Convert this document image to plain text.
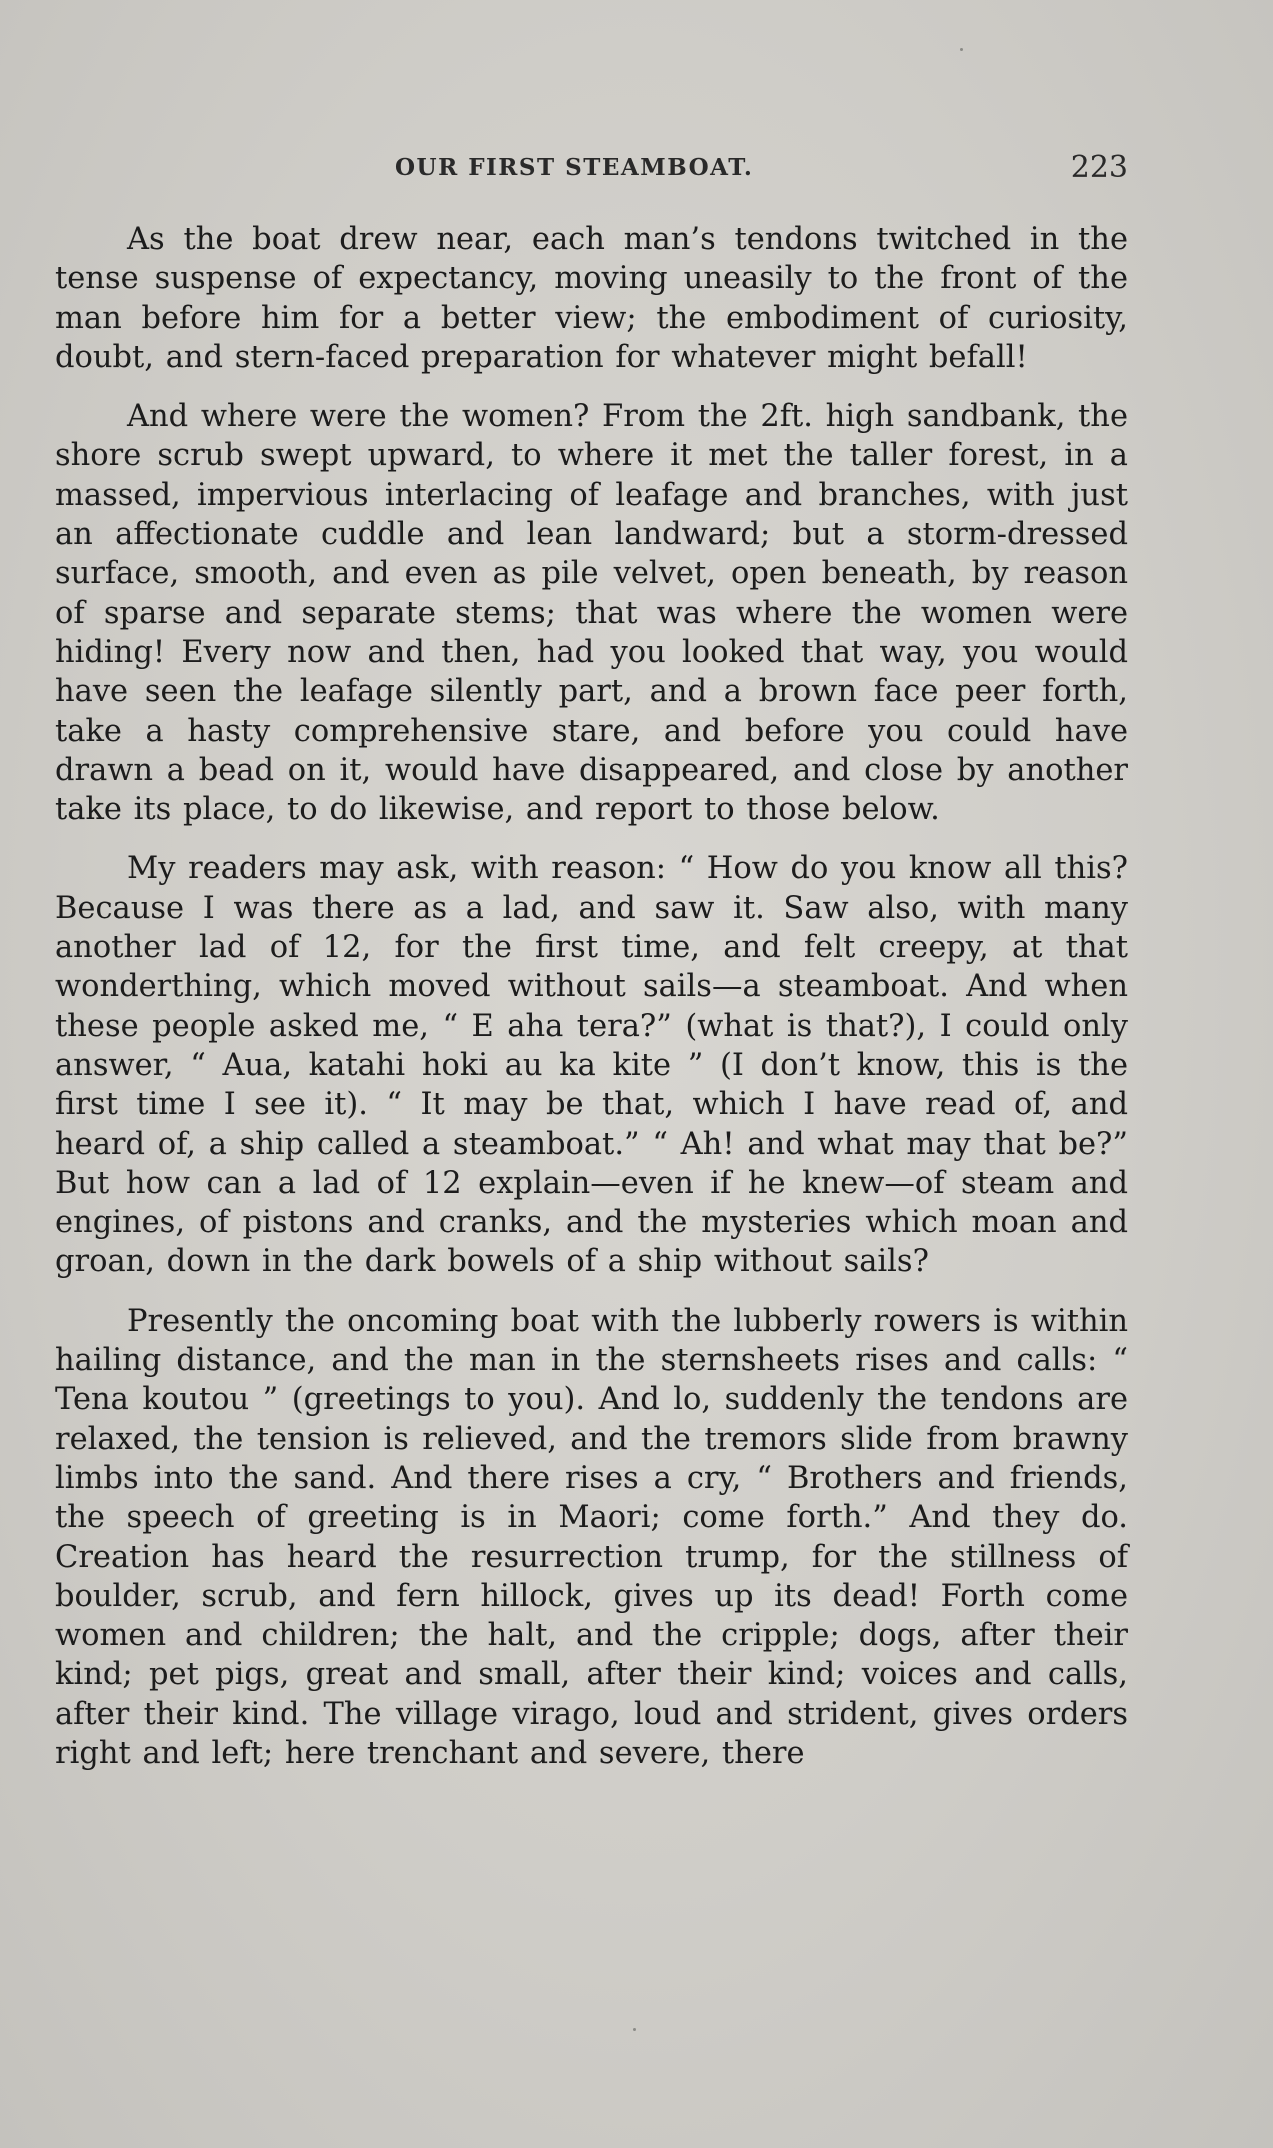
OUR FIRST STEAMBOAT.	223

As the boat drew near, each man’s tendons twitched in the tense suspense of expectancy, moving uneasily to the front of the man before him for a better view; the embodiment of curiosity, doubt, and stern-faced preparation for whatever might befall!

And where were the women? From the 2ft. high sandbank, the shore scrub swept upward, to where it met the taller forest, in a massed, impervious interlacing of leafage and branches, with just an affectionate cuddle and lean landward; but a storm-dressed surface, smooth, and even as pile velvet, open beneath, by reason of sparse and separate stems; that was where the women were hiding! Every now and then, had you looked that way, you would have seen the leafage silently part, and a brown face peer forth, take a hasty comprehensive stare, and before you could have drawn a bead on it, would have disappeared, and close by another take its place, to do likewise, and report to those below.

My readers may ask, with reason: “ How do you know all this? Because I was there as a lad, and saw it. Saw also, with many another lad of 12, for the first time, and felt creepy, at that wonderthing, which moved without sails—a steamboat. And when these people asked me, “ E aha tera?” (what is that?), I could only answer, “ Aua, katahi hoki au ka kite ” (I don’t know, this is the first time I see it). “ It may be that, which I have read of, and heard of, a ship called a steamboat.” “ Ah! and what may that be?” But how can a lad of 12 explain—even if he knew—of steam and engines, of pistons and cranks, and the mysteries which moan and groan, down in the dark bowels of a ship without sails?

Presently the oncoming boat with the lubberly rowers is within hailing distance, and the man in the sternsheets rises and calls: “ Tena koutou ” (greetings to you). And lo, suddenly the tendons are relaxed, the tension is relieved, and the tremors slide from brawny limbs into the sand. And there rises a cry, “ Brothers and friends, the speech of greeting is in Maori; come forth.” And they do. Creation has heard the resurrection trump, for the stillness of boulder, scrub, and fern hillock, gives up its dead! Forth come women and children; the halt, and the cripple; dogs, after their kind; pet pigs, great and small, after their kind; voices and calls, after their kind. The village virago, loud and strident, gives orders right and left; here trenchant and severe, there
